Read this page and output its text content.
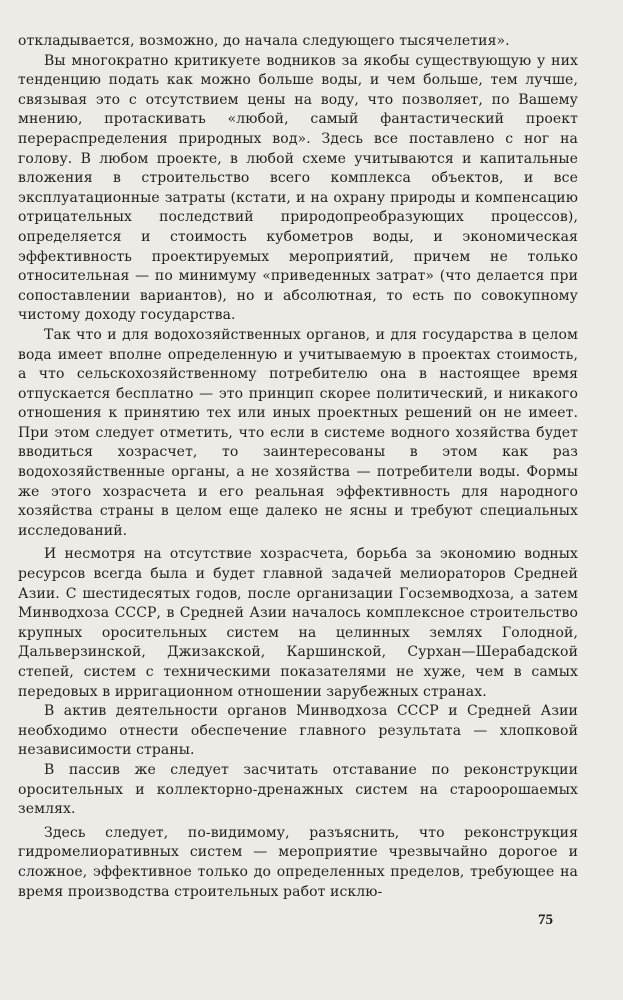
откладывается, возможно, до начала следующего тысячелетия».

Вы многократно критикуете водников за якобы существующую у них тенденцию подать как можно больше воды, и чем больше, тем лучше, связывая это с отсутствием цены на воду, что позволяет, по Вашему мнению, протаскивать «любой, самый фантастический проект перераспределения природных вод». Здесь все поставлено с ног на голову. В любом проекте, в любой схеме учитываются и капитальные вложения в строительство всего комплекса объектов, и все эксплуатационные затраты (кстати, и на охрану природы и компенсацию отрицательных последствий природопреобразующих процессов), определяется и стоимость кубометров воды, и экономическая эффективность проектируемых мероприятий, причем не только относительная — по минимуму «приведенных затрат» (что делается при сопоставлении вариантов), но и абсолютная, то есть по совокупному чистому доходу государства.

Так что и для водохозяйственных органов, и для государства в целом вода имеет вполне определенную и учитываемую в проектах стоимость, а что сельскохозяйственному потребителю она в настоящее время отпускается бесплатно — это принцип скорее политический, и никакого отношения к принятию тех или иных проектных решений он не имеет. При этом следует отметить, что если в системе водного хозяйства будет вводиться хозрасчет, то заинтересованы в этом как раз водохозяйственные органы, а не хозяйства — потребители воды. Формы же этого хозрасчета и его реальная эффективность для народного хозяйства страны в целом еще далеко не ясны и требуют специальных исследований.

И несмотря на отсутствие хозрасчета, борьба за экономию водных ресурсов всегда была и будет главной задачей мелиораторов Средней Азии. С шестидесятых годов, после организации Госземводхоза, а затем Минводхоза СССР, в Средней Азии началось комплексное строительство крупных оросительных систем на целинных землях Голодной, Дальверзинской, Джизакской, Каршинской, Сурхан—Шерабадской степей, систем с техническими показателями не хуже, чем в самых передовых в ирригационном отношении зарубежных странах.

В актив деятельности органов Минводхоза СССР и Средней Азии необходимо отнести обеспечение главного результата — хлопковой независимости страны.

В пассив же следует засчитать отставание по реконструкции оросительных и коллекторно-дренажных систем на староорошаемых землях.

Здесь следует, по-видимому, разъяснить, что реконструкция гидромелиоративных систем — мероприятие чрезвычайно дорогое и сложное, эффективное только до определенных пределов, требующее на время производства строительных работ исклю-

75
